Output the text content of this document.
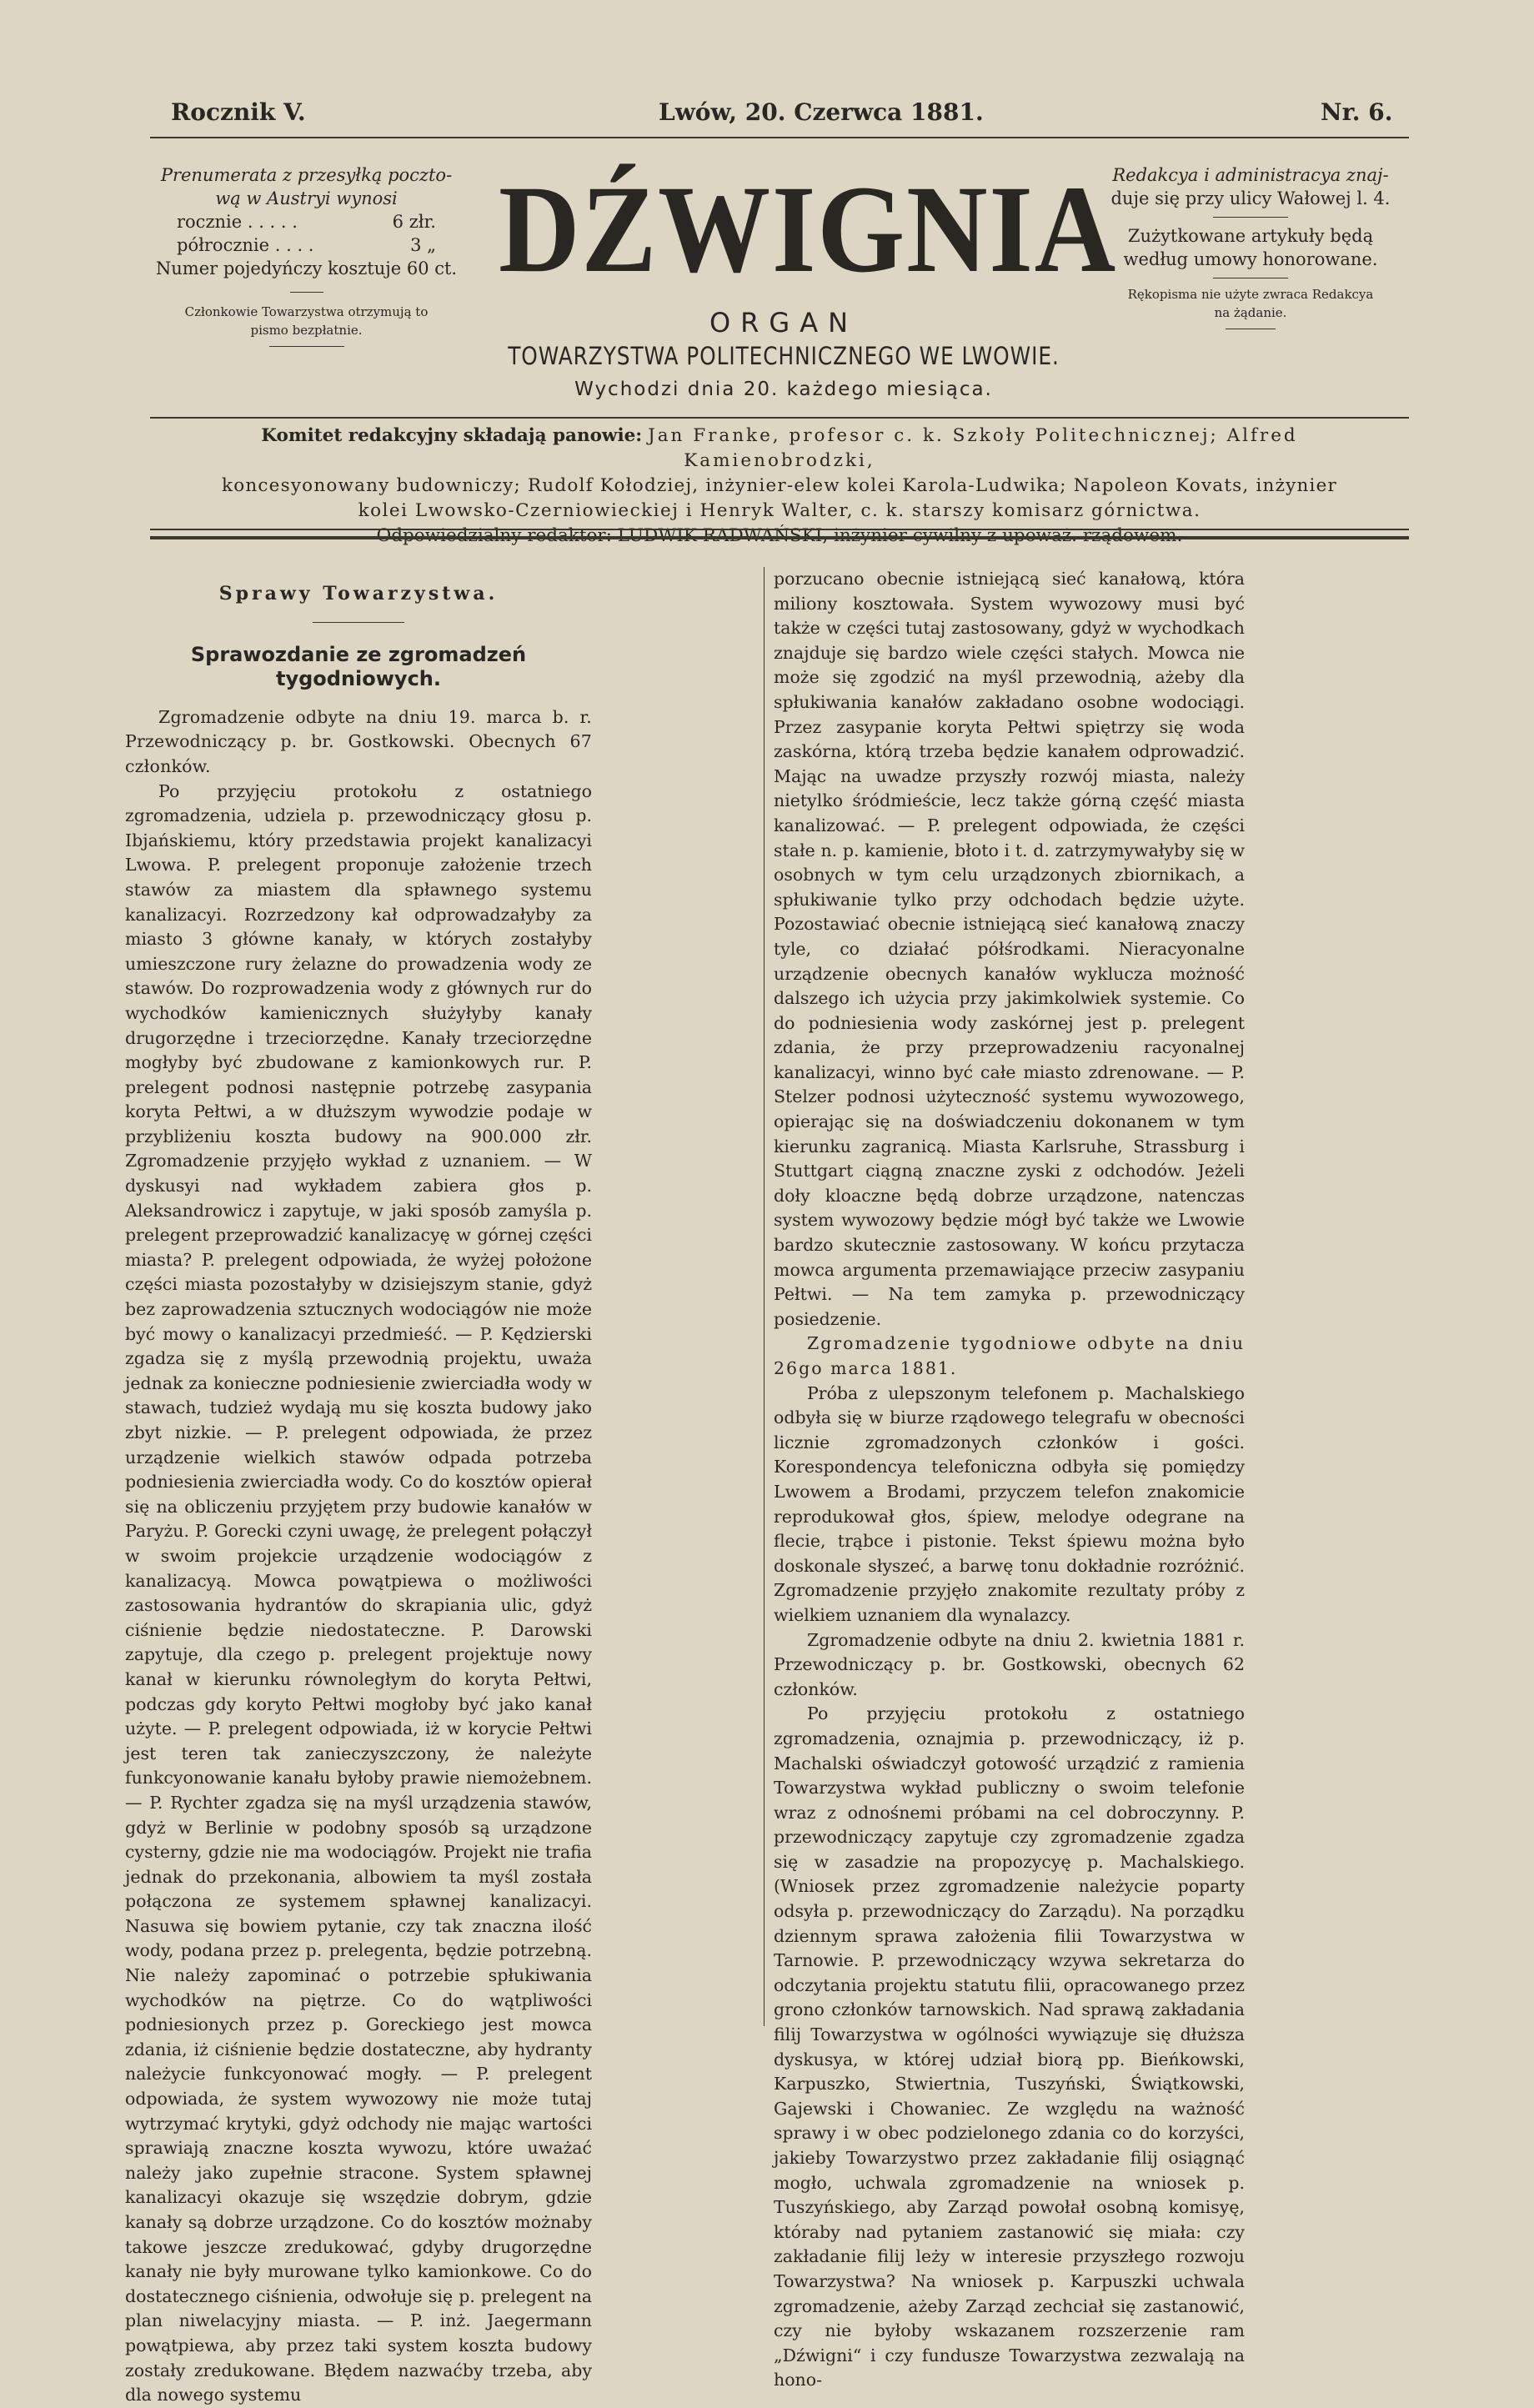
Rocznik V.	Lwów, 20. Czerwca 1881.	Nr. 6.
Prenumerata z przesyłką poczto-
wą w Austryi wynosi
rocznie . . . . .	6 złr.
półrocznie . . . .	3 „
Numer pojedyńczy kosztuje 60 ct.
Członkowie Towarzystwa otrzymują to
pismo bezpłatnie.
DŹWIGNIA
ORGAN
TOWARZYSTWA POLITECHNICZNEGO WE LWOWIE.
Wychodzi dnia 20. każdego miesiąca.
Redakcya i administracya znaj-
duje się przy ulicy Wałowej l. 4.
Zużytkowane artykuły będą
według umowy honorowane.
Rękopisma nie użyte zwraca Redakcya
na żądanie.
Komitet redakcyjny składają panowie: Jan Franke, profesor c. k. Szkoły Politechnicznej; Alfred Kamienobrodzki,
koncesyonowany budowniczy; Rudolf Kołodziej, inżynier-elew kolei Karola-Ludwika; Napoleon Kovats, inżynier
kolei Lwowsko-Czerniowieckiej i Henryk Walter, c. k. starszy komisarz górnictwa.
Odpowiedzialny redaktor: LUDWIK RADWAŃSKI, inżynier cywilny z upoważ. rządowem.
Sprawy Towarzystwa.
Sprawozdanie ze zgromadzeń tygodniowych.

Zgromadzenie odbyte na dniu 19. marca b. r. Przewodniczący p. br. Gostkowski. Obecnych 67 członków.

Po przyjęciu protokołu z ostatniego zgromadzenia, udziela p. przewodniczący głosu p. Ibjańskiemu, który przedstawia projekt kanalizacyi Lwowa. P. prelegent proponuje założenie trzech stawów za miastem dla spławnego systemu kanalizacyi. Rozrzedzony kał odprowadzałyby za miasto 3 główne kanały, w których zostałyby umieszczone rury żelazne do prowadzenia wody ze stawów. Do rozprowadzenia wody z głównych rur do wychodków kamienicznych służyłyby kanały drugorzędne i trzeciorzędne. Kanały trzeciorzędne mogłyby być zbudowane z kamionkowych rur. P. prelegent podnosi następnie potrzebę zasypania koryta Pełtwi, a w dłuższym wywodzie podaje w przybliżeniu koszta budowy na 900.000 złr. Zgromadzenie przyjęło wykład z uznaniem. — W dyskusyi nad wykładem zabiera głos p. Aleksandrowicz i zapytuje, w jaki sposób zamyśla p. prelegent przeprowadzić kanalizacyę w górnej części miasta? P. prelegent odpowiada, że wyżej położone części miasta pozostałyby w dzisiejszym stanie, gdyż bez zaprowadzenia sztucznych wodociągów nie może być mowy o kanalizacyi przedmieść. — P. Kędzierski zgadza się z myślą przewodnią projektu, uważa jednak za konieczne podniesienie zwierciadła wody w stawach, tudzież wydają mu się koszta budowy jako zbyt nizkie. — P. prelegent odpowiada, że przez urządzenie wielkich stawów odpada potrzeba podniesienia zwierciadła wody. Co do kosztów opierał się na obliczeniu przyjętem przy budowie kanałów w Paryżu. P. Gorecki czyni uwagę, że prelegent połączył w swoim projekcie urządzenie wodociągów z kanalizacyą. Mowca powątpiewa o możliwości zastosowania hydrantów do skrapiania ulic, gdyż ciśnienie będzie niedostateczne. P. Darowski zapytuje, dla czego p. prelegent projektuje nowy kanał w kierunku równoległym do koryta Pełtwi, podczas gdy koryto Pełtwi mogłoby być jako kanał użyte. — P. prelegent odpowiada, iż w korycie Pełtwi jest teren tak zanieczyszczony, że należyte funkcyonowanie kanału byłoby prawie niemożebnem. — P. Rychter zgadza się na myśl urządzenia stawów, gdyż w Berlinie w podobny sposób są urządzone cysterny, gdzie nie ma wodociągów. Projekt nie trafia jednak do przekonania, albowiem ta myśl została połączona ze systemem spławnej kanalizacyi. Nasuwa się bowiem pytanie, czy tak znaczna ilość wody, podana przez p. prelegenta, będzie potrzebną. Nie należy zapominać o potrzebie spłukiwania wychodków na piętrze. Co do wątpliwości podniesionych przez p. Goreckiego jest mowca zdania, iż ciśnienie będzie dostateczne, aby hydranty należycie funkcyonować mogły. — P. prelegent odpowiada, że system wywozowy nie może tutaj wytrzymać krytyki, gdyż odchody nie mając wartości sprawiają znaczne koszta wywozu, które uważać należy jako zupełnie stracone. System spławnej kanalizacyi okazuje się wszędzie dobrym, gdzie kanały są dobrze urządzone. Co do kosztów możnaby takowe jeszcze zredukować, gdyby drugorzędne kanały nie były murowane tylko kamionkowe. Co do dostatecznego ciśnienia, odwołuje się p. prelegent na plan niwelacyjny miasta. — P. inż. Jaegermann powątpiewa, aby przez taki system koszta budowy zostały zredukowane. Błędem nazwaćby trzeba, aby dla nowego systemu

porzucano obecnie istniejącą sieć kanałową, która miliony kosztowała. System wywozowy musi być także w części tutaj zastosowany, gdyż w wychodkach znajduje się bardzo wiele części stałych. Mowca nie może się zgodzić na myśl przewodnią, ażeby dla spłukiwania kanałów zakładano osobne wodociągi. Przez zasypanie koryta Pełtwi spiętrzy się woda zaskórna, którą trzeba będzie kanałem odprowadzić. Mając na uwadze przyszły rozwój miasta, należy nietylko śródmieście, lecz także górną część miasta kanalizować. — P. prelegent odpowiada, że części stałe n. p. kamienie, błoto i t. d. zatrzymywałyby się w osobnych w tym celu urządzonych zbiornikach, a spłukiwanie tylko przy odchodach będzie użyte. Pozostawiać obecnie istniejącą sieć kanałową znaczy tyle, co działać półśrodkami. Nieracyonalne urządzenie obecnych kanałów wyklucza możność dalszego ich użycia przy jakimkolwiek systemie. Co do podniesienia wody zaskórnej jest p. prelegent zdania, że przy przeprowadzeniu racyonalnej kanalizacyi, winno być całe miasto zdrenowane. — P. Stelzer podnosi użyteczność systemu wywozowego, opierając się na doświadczeniu dokonanem w tym kierunku zagranicą. Miasta Karlsruhe, Strassburg i Stuttgart ciągną znaczne zyski z odchodów. Jeżeli doły kloaczne będą dobrze urządzone, natenczas system wywozowy będzie mógł być także we Lwowie bardzo skutecznie zastosowany. W końcu przytacza mowca argumenta przemawiające przeciw zasypaniu Pełtwi. — Na tem zamyka p. przewodniczący posiedzenie.

Zgromadzenie tygodniowe odbyte na dniu 26go marca 1881.

Próba z ulepszonym telefonem p. Machalskiego odbyła się w biurze rządowego telegrafu w obecności licznie zgromadzonych członków i gości. Korespondencya telefoniczna odbyła się pomiędzy Lwowem a Brodami, przyczem telefon znakomicie reprodukował głos, śpiew, melodye odegrane na flecie, trąbce i pistonie. Tekst śpiewu można było doskonale słyszeć, a barwę tonu dokładnie rozróżnić. Zgromadzenie przyjęło znakomite rezultaty próby z wielkiem uznaniem dla wynalazcy.

Zgromadzenie odbyte na dniu 2. kwietnia 1881 r. Przewodniczący p. br. Gostkowski, obecnych 62 członków.

Po przyjęciu protokołu z ostatniego zgromadzenia, oznajmia p. przewodniczący, iż p. Machalski oświadczył gotowość urządzić z ramienia Towarzystwa wykład publiczny o swoim telefonie wraz z odnośnemi próbami na cel dobroczynny. P. przewodniczący zapytuje czy zgromadzenie zgadza się w zasadzie na propozycyę p. Machalskiego. (Wniosek przez zgromadzenie należycie poparty odsyła p. przewodniczący do Zarządu). Na porządku dziennym sprawa założenia filii Towarzystwa w Tarnowie. P. przewodniczący wzywa sekretarza do odczytania projektu statutu filii, opracowanego przez grono członków tarnowskich. Nad sprawą zakładania filij Towarzystwa w ogólności wywiązuje się dłuższa dyskusya, w której udział biorą pp. Bieńkowski, Karpuszko, Stwiertnia, Tuszyński, Świątkowski, Gajewski i Chowaniec. Ze względu na ważność sprawy i w obec podzielonego zdania co do korzyści, jakieby Towarzystwo przez zakładanie filij osiągnąć mogło, uchwala zgromadzenie na wniosek p. Tuszyńskiego, aby Zarząd powołał osobną komisyę, któraby nad pytaniem zastanowić się miała: czy zakładanie filij leży w interesie przyszłego rozwoju Towarzystwa? Na wniosek p. Karpuszki uchwala zgromadzenie, ażeby Zarząd zechciał się zastanowić, czy nie byłoby wskazanem rozszerzenie ram „Dźwigni“ i czy fundusze Towarzystwa zezwalają na hono-
